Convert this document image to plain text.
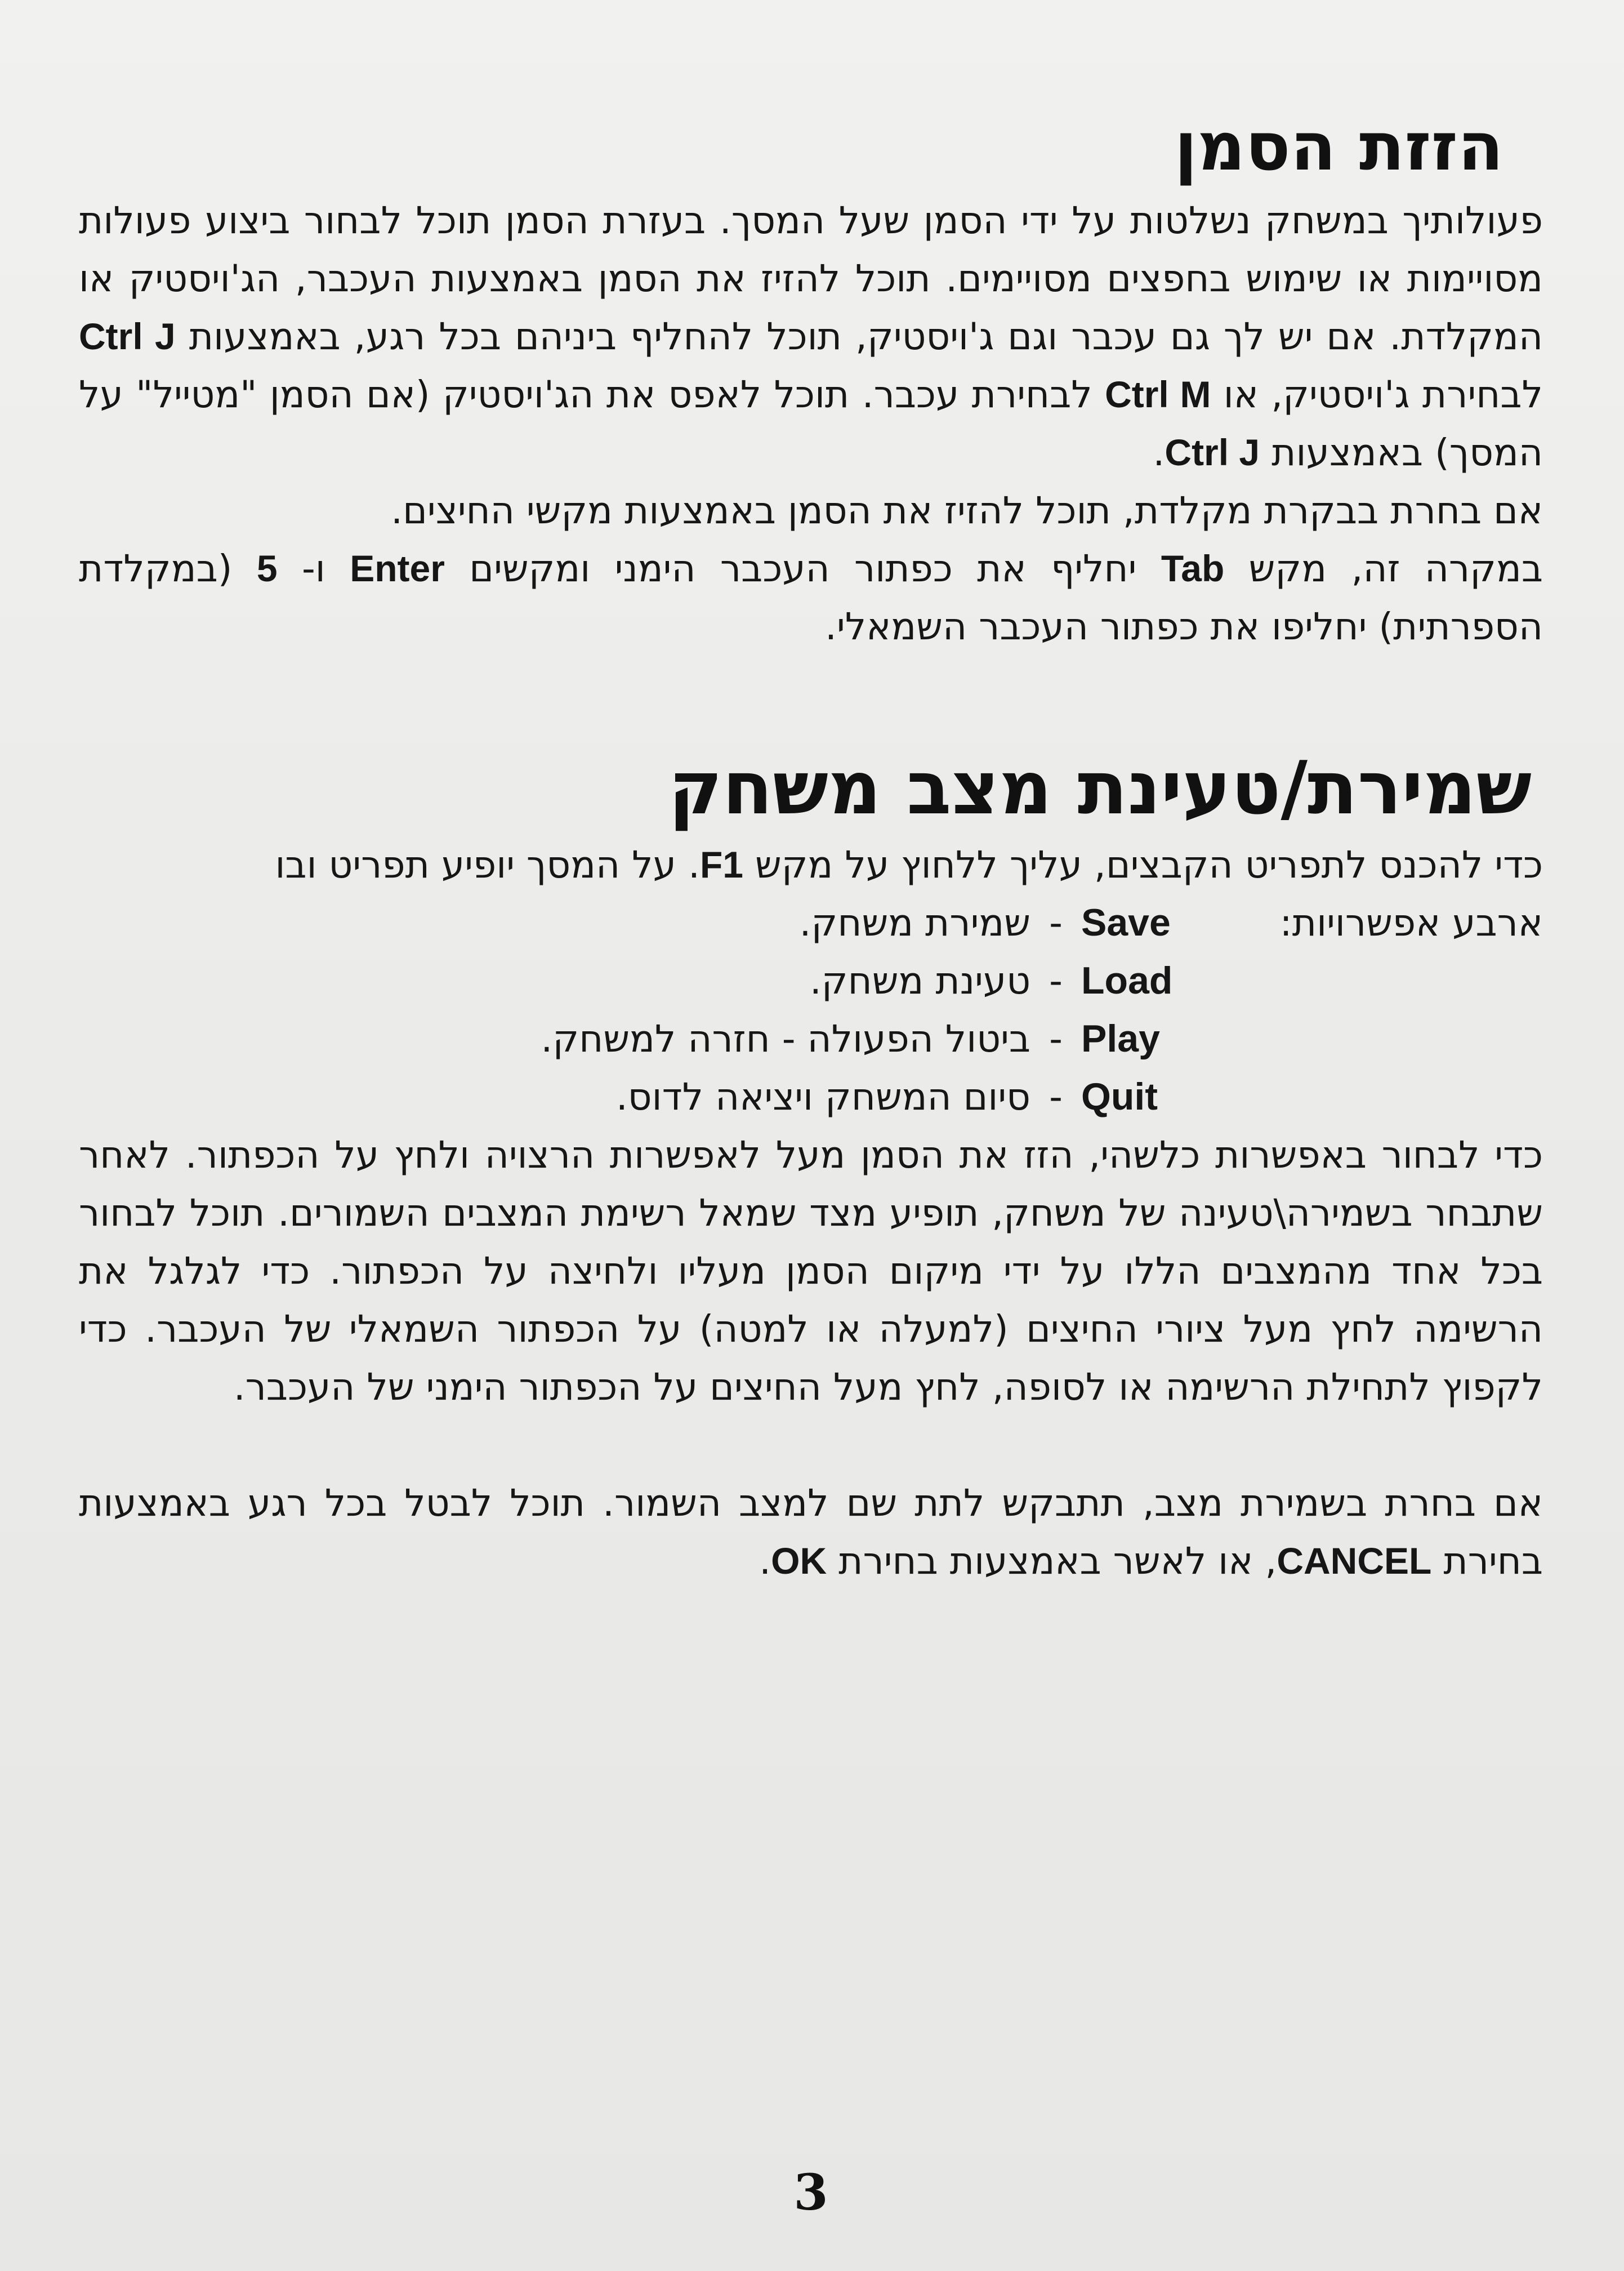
הזזת הסמן

פעולותיך במשחק נשלטות על ידי הסמן שעל המסך. בעזרת הסמן תוכל לבחור ביצוע פעולות מסויימות או שימוש בחפצים מסויימים. תוכל להזיז את הסמן באמצעות העכבר, הג'ויסטיק או המקלדת. אם יש לך גם עכבר וגם ג'ויסטיק, תוכל להחליף ביניהם בכל רגע, באמצעות Ctrl J לבחירת ג'ויסטיק, או Ctrl M לבחירת עכבר. תוכל לאפס את הג'ויסטיק (אם הסמן "מטייל" על המסך) באמצעות Ctrl J.

אם בחרת בבקרת מקלדת, תוכל להזיז את הסמן באמצעות מקשי החיצים.

במקרה זה, מקש Tab יחליף את כפתור העכבר הימני ומקשים Enter ו- 5 (במקלדת הספרתית) יחליפו את כפתור העכבר השמאלי.

שמירת/טעינת מצב משחק

כדי להכנס לתפריט הקבצים, עליך ללחוץ על מקש F1. על המסך יופיע תפריט ובו

ארבע אפשרויות:
Save
-
שמירת משחק.
Load
-
טעינת משחק.
Play
-
ביטול הפעולה - חזרה למשחק.
Quit
-
סיום המשחק ויציאה לדוס.

כדי לבחור באפשרות כלשהי, הזז את הסמן מעל לאפשרות הרצויה ולחץ על הכפתור. לאחר שתבחר בשמירה\טעינה של משחק, תופיע מצד שמאל רשימת המצבים השמורים. תוכל לבחור בכל אחד מהמצבים הללו על ידי מיקום הסמן מעליו ולחיצה על הכפתור. כדי לגלגל את הרשימה לחץ מעל ציורי החיצים (למעלה או למטה) על הכפתור השמאלי של העכבר. כדי לקפוץ לתחילת הרשימה או לסופה, לחץ מעל החיצים על הכפתור הימני של העכבר.

אם בחרת בשמירת מצב, תתבקש לתת שם למצב השמור. תוכל לבטל בכל רגע באמצעות בחירת CANCEL, או לאשר באמצעות בחירת OK.

3
